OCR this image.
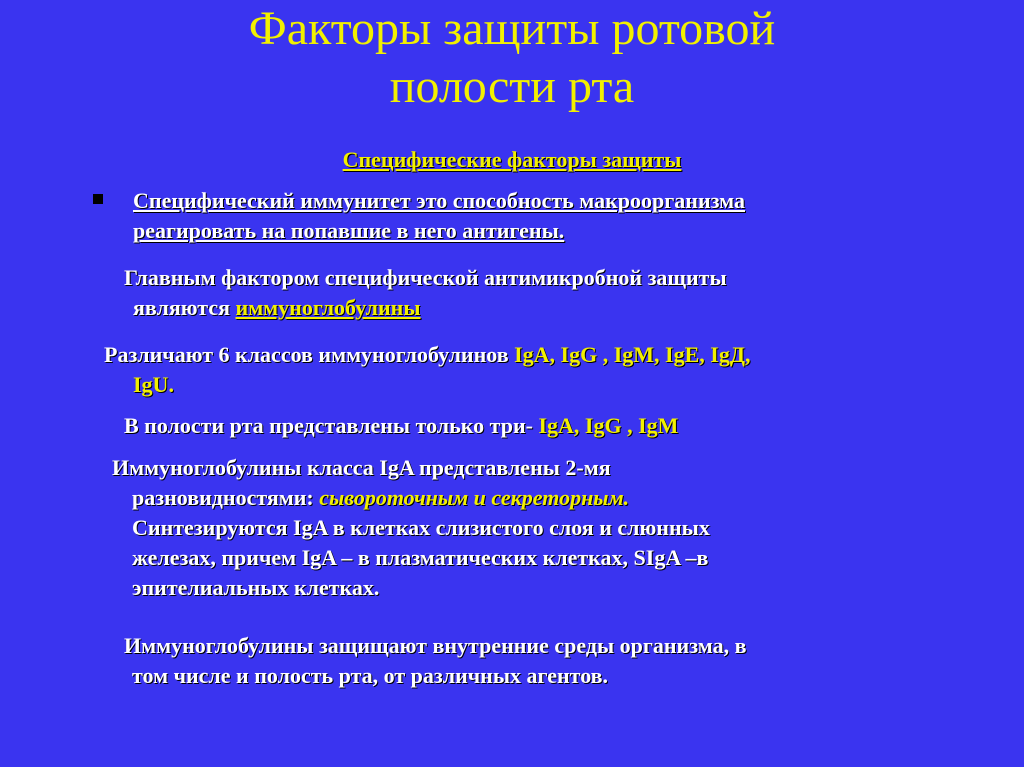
Факторы защиты ротовой
полости рта
Специфические факторы защиты
Специфический иммунитет это способность макроорганизма
реагировать на попавшие в него антигены.
Главным фактором специфической антимикробной защиты
являются иммуноглобулины
Различают 6 классов иммуноглобулинов IgA, IgG , IgM, IgE, IgД,
IgU.
В полости рта представлены только три- IgA, IgG , IgM
Иммуноглобулины класса IgA представлены 2-мя
разновидностями: сывороточным и секреторным.
Синтезируются IgA в клетках слизистого слоя и слюнных
железах, причем IgA – в плазматических клетках, SIgA –в
эпителиальных клетках.
Иммуноглобулины защищают внутренние среды организма, в
том числе и полость рта, от различных агентов.
